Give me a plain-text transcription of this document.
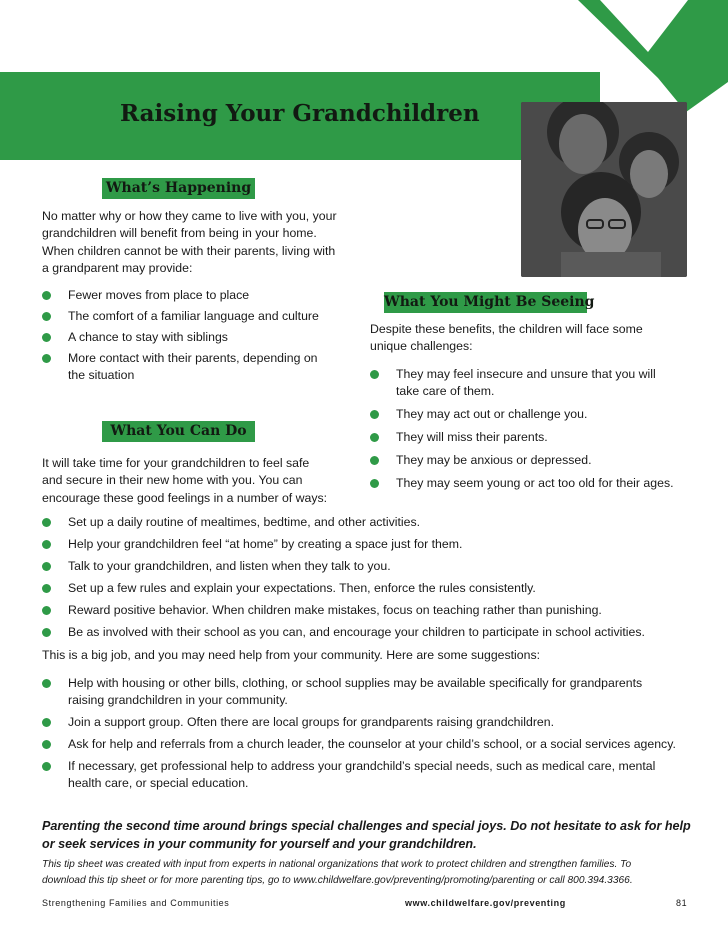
Raising Your Grandchildren
What’s Happening
No matter why or how they came to live with you, your
grandchildren will benefit from being in your home.
When children cannot be with their parents, living with
a grandparent may provide:
Fewer moves from place to place
The comfort of a familiar language and culture
A chance to stay with siblings
More contact with their parents, depending on
the situation
What You Might Be Seeing
Despite these benefits, the children will face some
unique challenges:
They may feel insecure and unsure that you will
take care of them.
They may act out or challenge you.
They will miss their parents.
They may be anxious or depressed.
They may seem young or act too old for their ages.
What You Can Do
It will take time for your grandchildren to feel safe
and secure in their new home with you. You can
encourage these good feelings in a number of ways:
Set up a daily routine of mealtimes, bedtime, and other activities.
Help your grandchildren feel “at home” by creating a space just for them.
Talk to your grandchildren, and listen when they talk to you.
Set up a few rules and explain your expectations. Then, enforce the rules consistently.
Reward positive behavior. When children make mistakes, focus on teaching rather than punishing.
Be as involved with their school as you can, and encourage your children to participate in school activities.
This is a big job, and you may need help from your community. Here are some suggestions:
Help with housing or other bills, clothing, or school supplies may be available specifically for grandparents
raising grandchildren in your community.
Join a support group. Often there are local groups for grandparents raising grandchildren.
Ask for help and referrals from a church leader, the counselor at your child’s school, or a social services agency.
If necessary, get professional help to address your grandchild’s special needs, such as medical care, mental
health care, or special education.
Parenting the second time around brings special challenges and special joys. Do not hesitate to ask for help
or seek services in your community for yourself and your grandchildren.
This tip sheet was created with input from experts in national organizations that work to protect children and strengthen families. To
download this tip sheet or for more parenting tips, go to www.childwelfare.gov/preventing/promoting/parenting or call 800.394.3366.
Strengthening Families and Communities	www.childwelfare.gov/preventing	81
